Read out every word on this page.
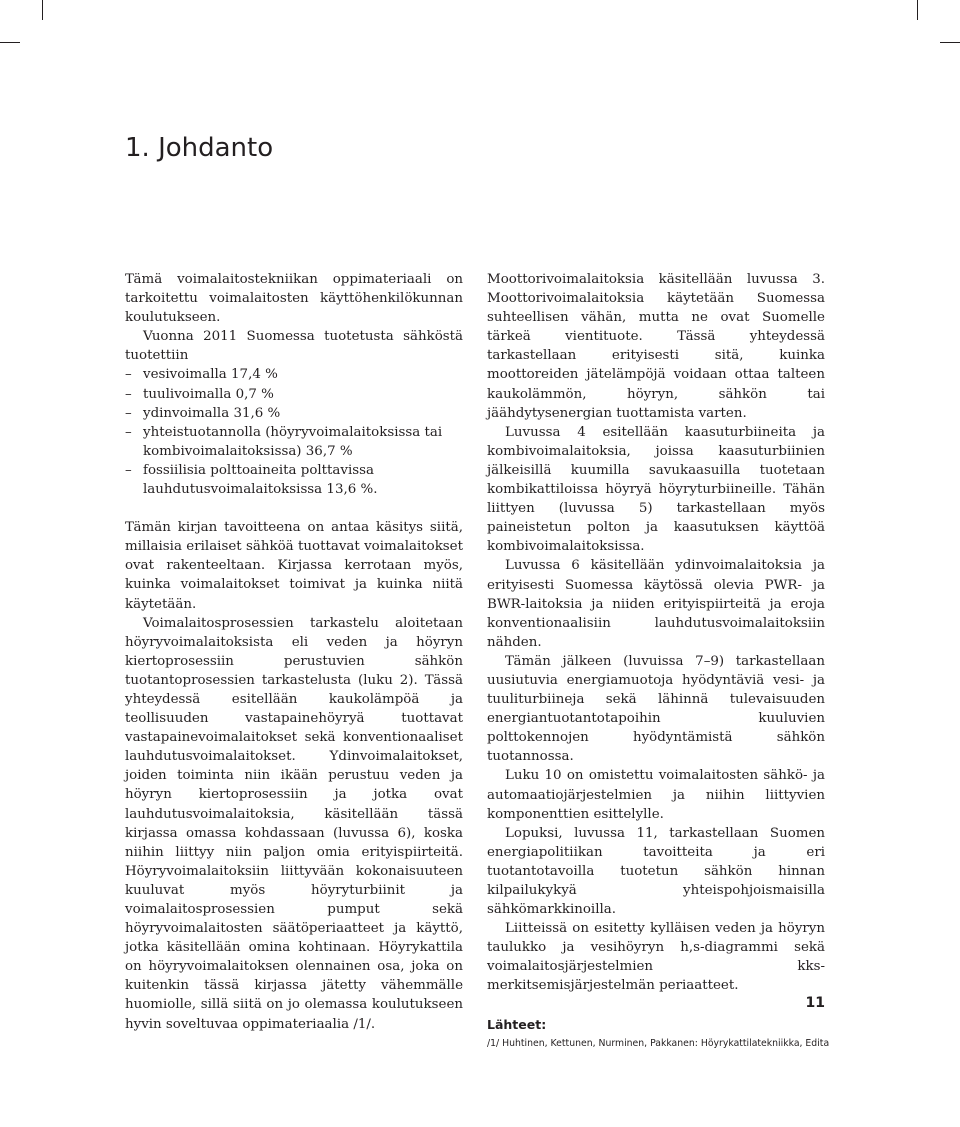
1. Johdanto

Tämä voimalaitostekniikan oppimateriaali on tarkoitettu voimalaitosten käyttöhenkilökunnan koulutukseen.

Vuonna 2011 Suomessa tuotetusta sähköstä tuotettiin

– vesivoimalla 17,4 %
– tuulivoimalla 0,7 %
– ydinvoimalla 31,6 %
– yhteistuotannolla (höyryvoimalaitoksissa tai kombivoimalaitoksissa) 36,7 %
– fossiilisia polttoaineita polttavissa lauhdutusvoimalaitoksissa 13,6 %.

Tämän kirjan tavoitteena on antaa käsitys siitä, millaisia erilaiset sähköä tuottavat voimalaitokset ovat rakenteeltaan. Kirjassa kerrotaan myös, kuinka voimalaitokset toimivat ja kuinka niitä käytetään.

Voimalaitosprosessien tarkastelu aloitetaan höyryvoimalaitoksista eli veden ja höyryn kiertoprosessiin perustuvien sähkön tuotantoprosessien tarkastelusta (luku 2). Tässä yhteydessä esitellään kaukolämpöä ja teollisuuden vastapainehöyryä tuottavat vastapainevoimalaitokset sekä konventionaaliset lauhdutusvoimalaitokset. Ydinvoimalaitokset, joiden toiminta niin ikään perustuu veden ja höyryn kiertoprosessiin ja jotka ovat lauhdutusvoimalaitoksia, käsitellään tässä kirjassa omassa kohdassaan (luvussa 6), koska niihin liittyy niin paljon omia erityispiirteitä. Höyryvoimalaitoksiin liittyvään kokonaisuuteen kuuluvat myös höyryturbiinit ja voimalaitosprosessien pumput sekä höyryvoimalaitosten säätöperiaatteet ja käyttö, jotka käsitellään omina kohtinaan. Höyrykattila on höyryvoimalaitoksen olennainen osa, joka on kuitenkin tässä kirjassa jätetty vähemmälle huomiolle, sillä siitä on jo olemassa koulutukseen hyvin soveltuvaa oppimateriaalia /1/.

Moottorivoimalaitoksia käsitellään luvussa 3. Moottorivoimalaitoksia käytetään Suomessa suhteellisen vähän, mutta ne ovat Suomelle tärkeä vientituote. Tässä yhteydessä tarkastellaan erityisesti sitä, kuinka moottoreiden jätelämpöjä voidaan ottaa talteen kaukolämmön, höyryn, sähkön tai jäähdytysenergian tuottamista varten.

Luvussa 4 esitellään kaasuturbiineita ja kombivoimalaitoksia, joissa kaasuturbiinien jälkeisillä kuumilla savukaasuilla tuotetaan kombikattiloissa höyryä höyryturbiineille. Tähän liittyen (luvussa 5) tarkastellaan myös paineistetun polton ja kaasutuksen käyttöä kombivoimalaitoksissa.

Luvussa 6 käsitellään ydinvoimalaitoksia ja erityisesti Suomessa käytössä olevia PWR- ja BWR-laitoksia ja niiden erityispiirteitä ja eroja konventionaalisiin lauhdutusvoimalaitoksiin nähden.

Tämän jälkeen (luvuissa 7–9) tarkastellaan uusiutuvia energiamuotoja hyödyntäviä vesi- ja tuuliturbiineja sekä lähinnä tulevaisuuden energiantuotantotapoihin kuuluvien polttokennojen hyödyntämistä sähkön tuotannossa.

Luku 10 on omistettu voimalaitosten sähkö- ja automaatiojärjestelmien ja niihin liittyvien komponenttien esittelylle.

Lopuksi, luvussa 11, tarkastellaan Suomen energiapolitiikan tavoitteita ja eri tuotantotavoilla tuotetun sähkön hinnan kilpailukykyä yhteispohjoismaisilla sähkömarkkinoilla.

Liitteissä on esitetty kylläisen veden ja höyryn taulukko ja vesihöyryn h,s-diagrammi sekä voimalaitosjärjestelmien kks-merkitsemisjärjestelmän periaatteet.

Lähteet:
/1/ Huhtinen, Kettunen, Nurminen, Pakkanen: Höyrykattilatekniikka, Edita
11
